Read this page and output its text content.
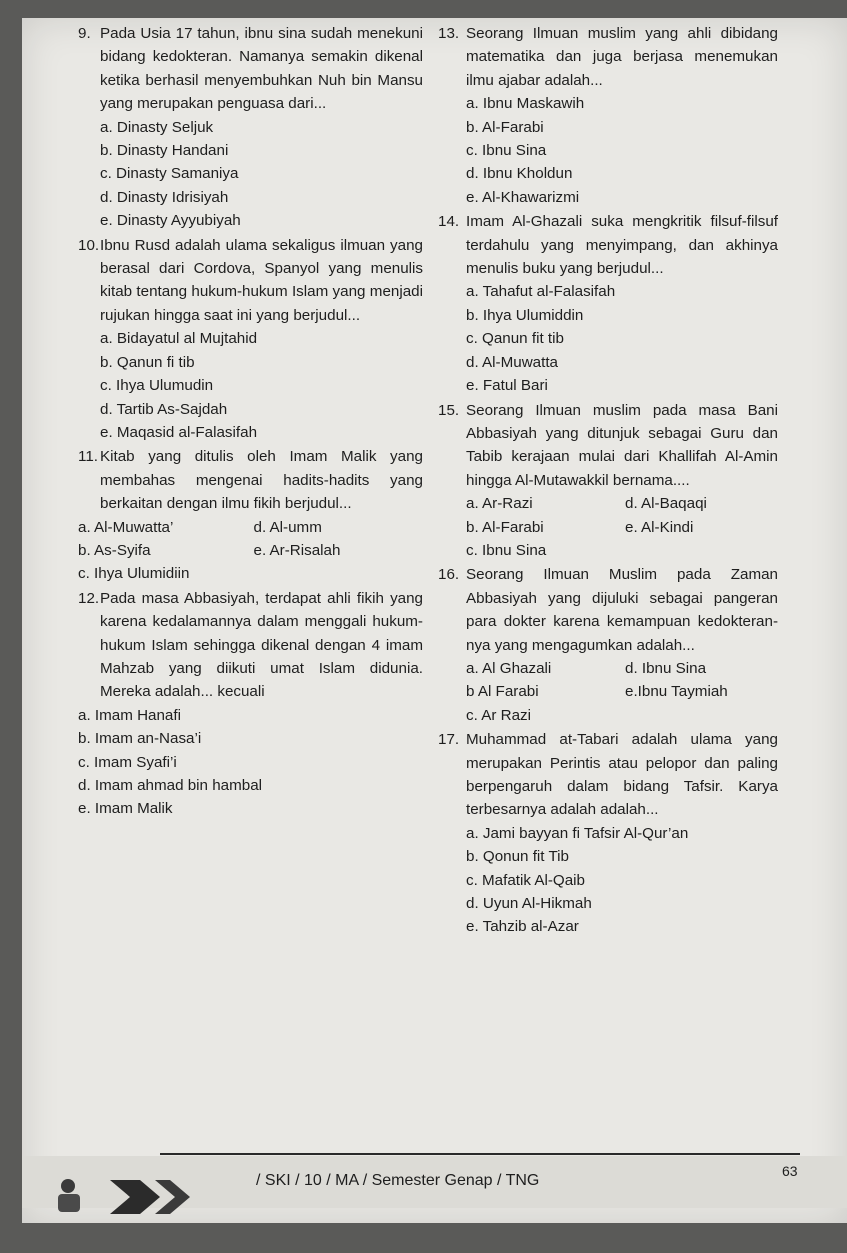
9. Pada Usia 17 tahun, ibnu sina sudah menekuni bidang kedokteran. Namanya semakin dikenal ketika berhasil menyembuhkan Nuh bin Mansu yang merupakan penguasa dari...
a. Dinasty Seljuk
b. Dinasty Handani
c. Dinasty Samaniya
d. Dinasty Idrisiyah
e. Dinasty Ayyubiyah
10.Ibnu Rusd adalah ulama sekaligus ilmuan yang berasal dari Cordova, Spanyol yang menulis kitab tentang hukum-hukum Islam yang menjadi rujukan hingga saat ini yang berjudul...
a. Bidayatul al Mujtahid
b. Qanun fi tib
c. Ihya Ulumudin
d. Tartib As-Sajdah
e. Maqasid al-Falasifah
11. Kitab yang ditulis oleh Imam Malik yang membahas mengenai hadits-hadits yang berkaitan dengan ilmu fikih berjudul...
a. Al-Muwatta’	d. Al-umm
b. As-Syifa	e. Ar-Risalah
c. Ihya Ulumidiin
12.Pada masa Abbasiyah, terdapat ahli fikih yang karena kedalamannya dalam menggali hukum-hukum Islam sehingga dikenal dengan 4 imam Mahzab yang diikuti umat Islam didunia. Mereka adalah... kecuali
a. Imam Hanafi
b. Imam an-Nasa’i
c. Imam Syafi’i
d. Imam ahmad bin hambal
e. Imam Malik
13. Seorang Ilmuan muslim yang ahli dibidang matematika dan juga berjasa menemukan ilmu ajabar adalah...
a. Ibnu Maskawih
b. Al-Farabi
c. Ibnu Sina
d. Ibnu Kholdun
e. Al-Khawarizmi
14. Imam Al-Ghazali suka mengkritik filsuf-filsuf terdahulu yang menyimpang, dan akhinya menulis buku yang berjudul...
a. Tahafut al-Falasifah
b. Ihya Ulumiddin
c. Qanun fit tib
d. Al-Muwatta
e. Fatul Bari
15. Seorang Ilmuan muslim pada masa Bani Abbasiyah yang ditunjuk sebagai Guru dan Tabib kerajaan mulai dari Khallifah Al-Amin hingga Al-Mutawakkil bernama....
a. Ar-Razi	d. Al-Baqaqi
b. Al-Farabi	e. Al-Kindi
c. Ibnu Sina
16. Seorang Ilmuan Muslim pada Zaman Abbasiyah yang dijuluki sebagai pangeran para dokter karena kemampuan kedokteran-nya yang mengagumkan adalah...
a. Al Ghazali	d. Ibnu Sina
b Al Farabi	e.Ibnu Taymiah
c. Ar Razi
17. Muhammad at-Tabari adalah ulama yang merupakan Perintis atau pelopor dan paling berpengaruh dalam bidang Tafsir. Karya terbesarnya adalah adalah...
a. Jami bayyan fi Tafsir Al-Qur’an
b. Qonun fit Tib
c. Mafatik Al-Qaib
d. Uyun Al-Hikmah
e. Tahzib al-Azar
/ SKI / 10 / MA / Semester Genap / TNG
63
